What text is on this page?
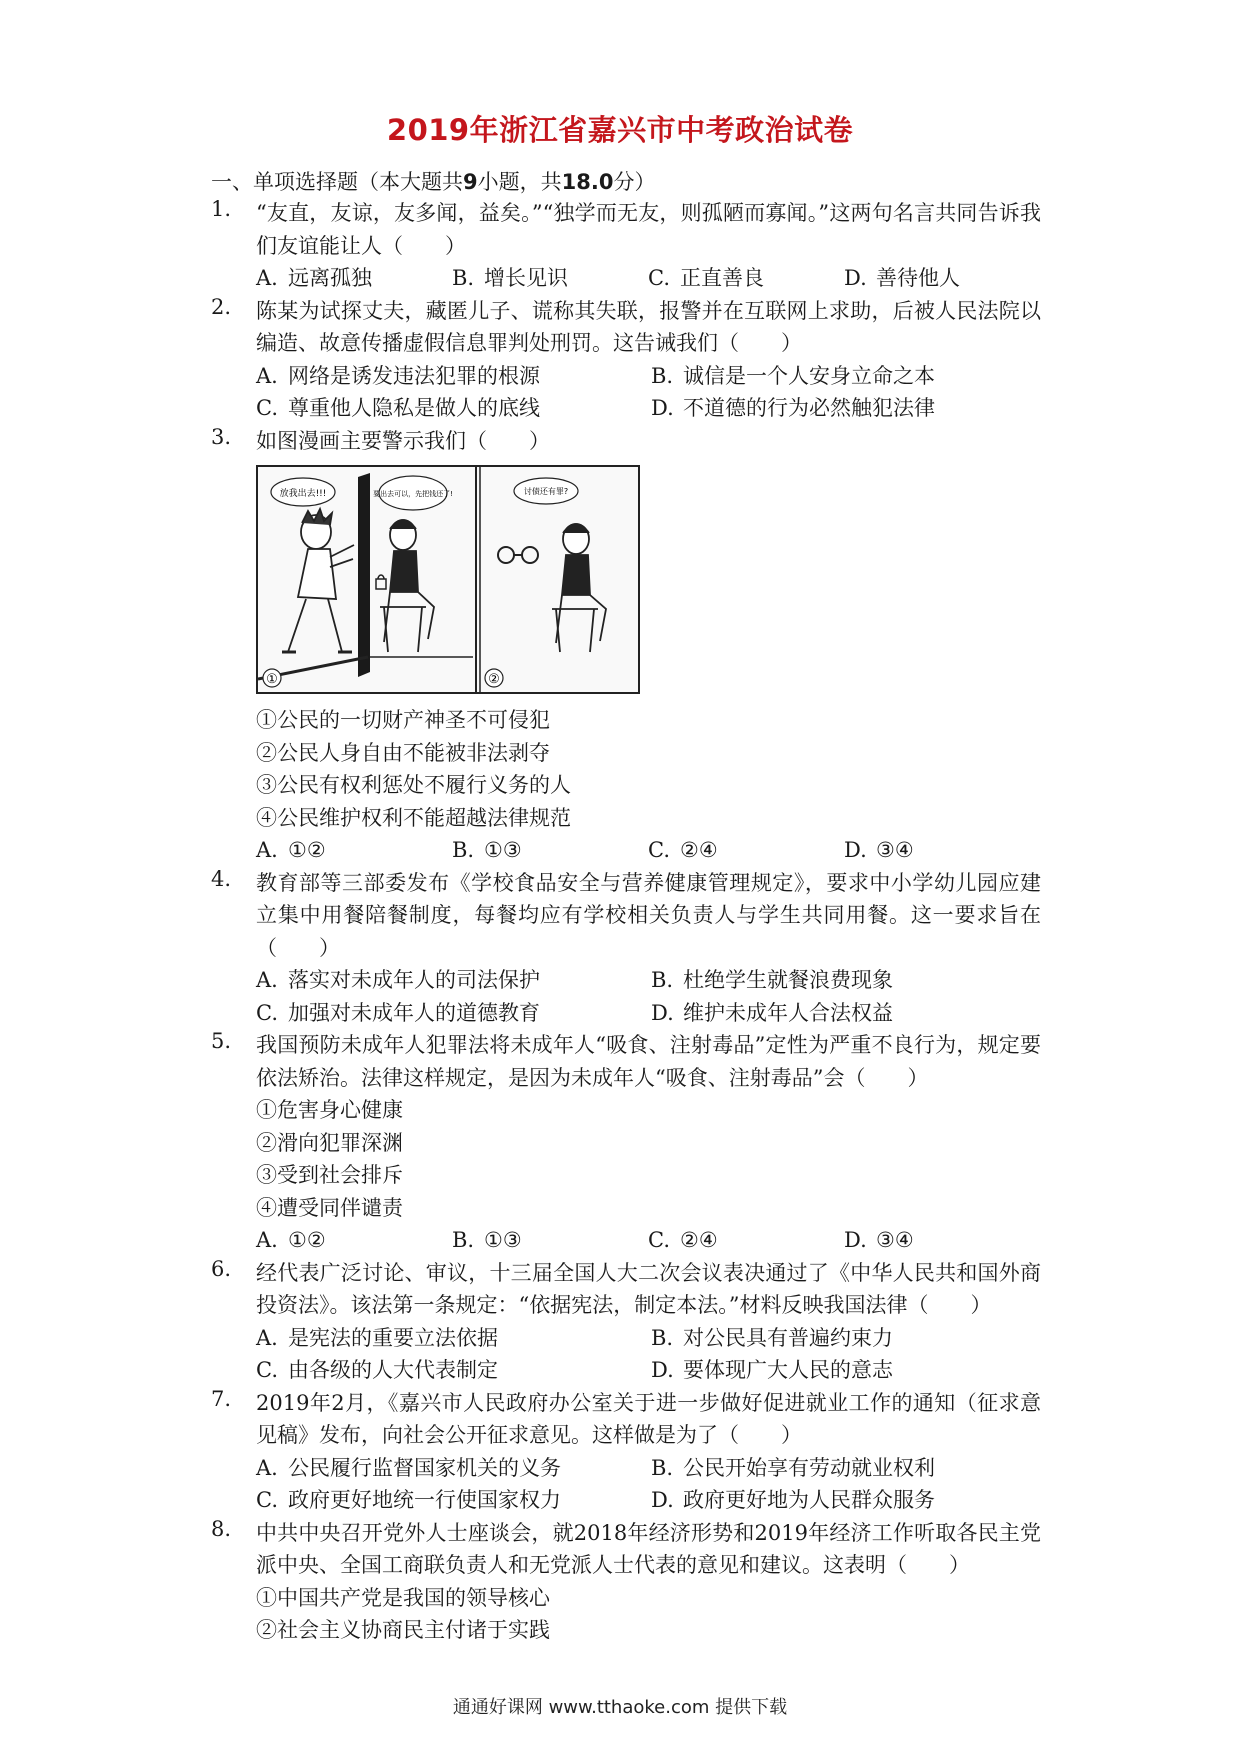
2019年浙江省嘉兴市中考政治试卷
一、单项选择题（本大题共9小题，共18.0分）
1. “友直，友谅，友多闻，益矣。”“独学而无友，则孤陋而寡闻。”这两句名言共同告诉我们友谊能让人（　　）
A. 远离孤独	B. 增长见识	C. 正直善良	D. 善待他人
2. 陈某为试探丈夫，藏匿儿子、谎称其失联，报警并在互联网上求助，后被人民法院以编造、故意传播虚假信息罪判处刑罚。这告诫我们（　　）
A. 网络是诱发违法犯罪的根源	B. 诚信是一个人安身立命之本
C. 尊重他人隐私是做人的底线	D. 不道德的行为必然触犯法律
3. 如图漫画主要警示我们（　　）
放我出去!!!	要出去可以，先把钱还了!	讨债还有罪?
①	②
①公民的一切财产神圣不可侵犯
②公民人身自由不能被非法剥夺
③公民有权利惩处不履行义务的人
④公民维护权利不能超越法律规范
A. ①②	B. ①③	C. ②④	D. ③④
4. 教育部等三部委发布《学校食品安全与营养健康管理规定》，要求中小学幼儿园应建立集中用餐陪餐制度，每餐均应有学校相关负责人与学生共同用餐。这一要求旨在（　　）
A. 落实对未成年人的司法保护	B. 杜绝学生就餐浪费现象
C. 加强对未成年人的道德教育	D. 维护未成年人合法权益
5. 我国预防未成年人犯罪法将未成年人“吸食、注射毒品”定性为严重不良行为，规定要依法矫治。法律这样规定，是因为未成年人“吸食、注射毒品”会（　　）
①危害身心健康
②滑向犯罪深渊
③受到社会排斥
④遭受同伴谴责
A. ①②	B. ①③	C. ②④	D. ③④
6. 经代表广泛讨论、审议，十三届全国人大二次会议表决通过了《中华人民共和国外商投资法》。该法第一条规定：“依据宪法，制定本法。”材料反映我国法律（　　）
A. 是宪法的重要立法依据	B. 对公民具有普遍约束力
C. 由各级的人大代表制定	D. 要体现广大人民的意志
7. 2019年2月，《嘉兴市人民政府办公室关于进一步做好促进就业工作的通知（征求意见稿》发布，向社会公开征求意见。这样做是为了（　　）
A. 公民履行监督国家机关的义务	B. 公民开始享有劳动就业权利
C. 政府更好地统一行使国家权力	D. 政府更好地为人民群众服务
8. 中共中央召开党外人士座谈会，就2018年经济形势和2019年经济工作听取各民主党派中央、全国工商联负责人和无党派人士代表的意见和建议。这表明（　　）
①中国共产党是我国的领导核心
②社会主义协商民主付诸于实践
通通好课网 www.tthaoke.com 提供下载
